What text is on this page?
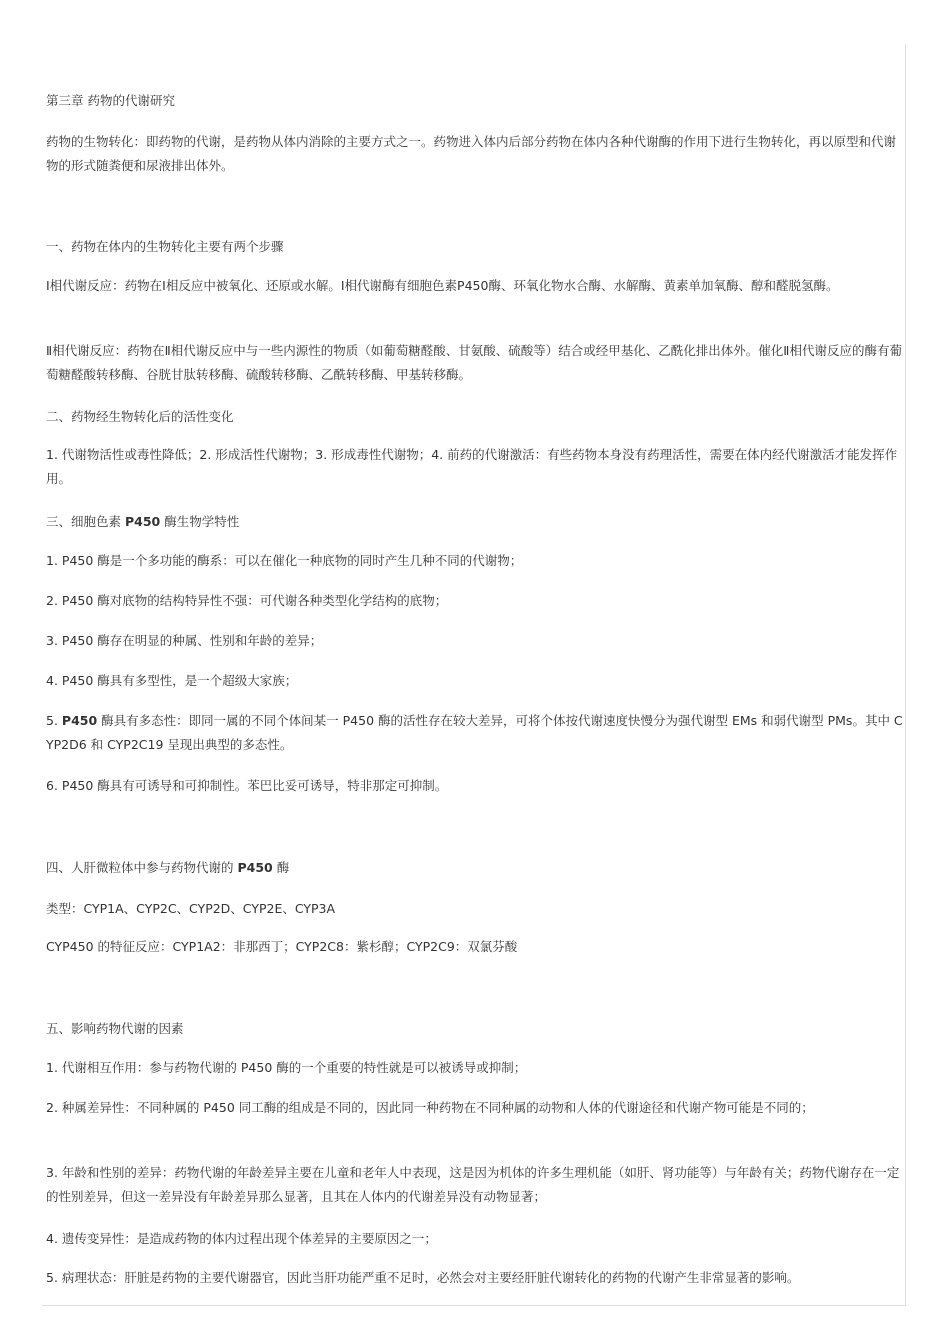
第三章 药物的代谢研究

药物的生物转化：即药物的代谢，是药物从体内消除的主要方式之一。药物进入体内后部分药物在体内各种代谢酶的作用下进行生物转化，再以原型和代谢物的形式随粪便和尿液排出体外。

一、药物在体内的生物转化主要有两个步骤

Ⅰ相代谢反应：药物在Ⅰ相反应中被氧化、还原或水解。Ⅰ相代谢酶有细胞色素P450酶、环氧化物水合酶、水解酶、黄素单加氧酶、醇和醛脱氢酶。

Ⅱ相代谢反应：药物在Ⅱ相代谢反应中与一些内源性的物质（如葡萄糖醛酸、甘氨酸、硫酸等）结合或经甲基化、乙酰化排出体外。催化Ⅱ相代谢反应的酶有葡萄糖醛酸转移酶、谷胱甘肽转移酶、硫酸转移酶、乙酰转移酶、甲基转移酶。

二、药物经生物转化后的活性变化

1. 代谢物活性或毒性降低；2. 形成活性代谢物；3. 形成毒性代谢物；4. 前药的代谢激活：有些药物本身没有药理活性，需要在体内经代谢激活才能发挥作用。

三、细胞色素 P450 酶生物学特性

1. P450 酶是一个多功能的酶系：可以在催化一种底物的同时产生几种不同的代谢物；

2. P450 酶对底物的结构特异性不强：可代谢各种类型化学结构的底物；

3. P450 酶存在明显的种属、性别和年龄的差异；

4. P450 酶具有多型性，是一个超级大家族；

5. P450 酶具有多态性：即同一属的不同个体间某一 P450 酶的活性存在较大差异，可将个体按代谢速度快慢分为强代谢型 EMs 和弱代谢型 PMs。其中 CYP2D6 和 CYP2C19 呈现出典型的多态性。

6. P450 酶具有可诱导和可抑制性。苯巴比妥可诱导，特非那定可抑制。

四、人肝微粒体中参与药物代谢的 P450 酶

类型：CYP1A、CYP2C、CYP2D、CYP2E、CYP3A

CYP450 的特征反应：CYP1A2：非那西丁；CYP2C8：紫杉醇；CYP2C9：双氯芬酸

五、影响药物代谢的因素

1. 代谢相互作用：参与药物代谢的 P450 酶的一个重要的特性就是可以被诱导或抑制；

2. 种属差异性：不同种属的 P450 同工酶的组成是不同的，因此同一种药物在不同种属的动物和人体的代谢途径和代谢产物可能是不同的；

3. 年龄和性别的差异：药物代谢的年龄差异主要在儿童和老年人中表现，这是因为机体的许多生理机能（如肝、肾功能等）与年龄有关；药物代谢存在一定的性别差异，但这一差异没有年龄差异那么显著，且其在人体内的代谢差异没有动物显著；

4. 遗传变异性：是造成药物的体内过程出现个体差异的主要原因之一；

5. 病理状态：肝脏是药物的主要代谢器官，因此当肝功能严重不足时，必然会对主要经肝脏代谢转化的药物的代谢产生非常显著的影响。
